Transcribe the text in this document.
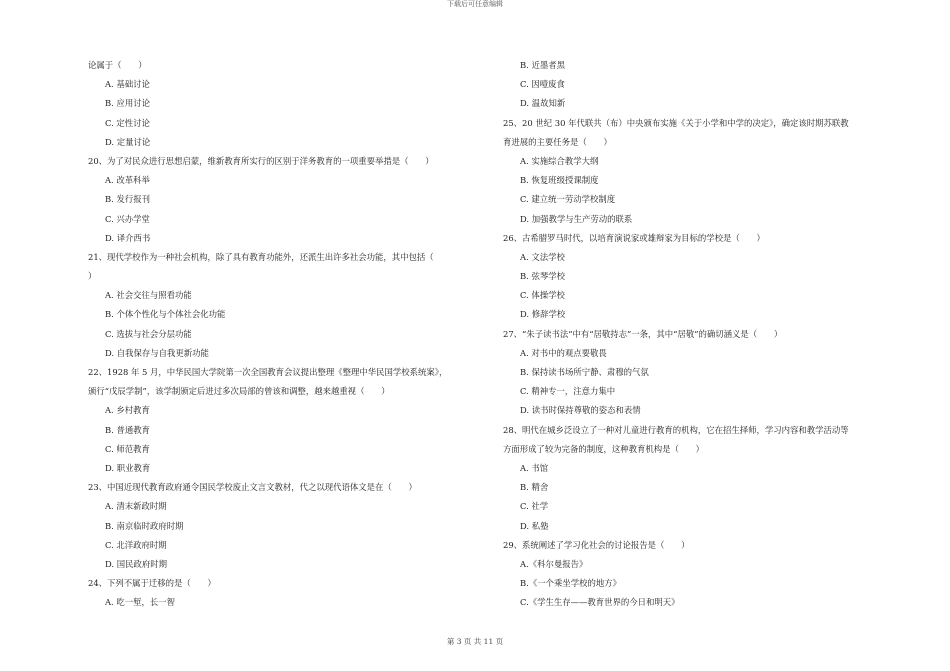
下载后可任意编辑
论属于（　　）
A. 基础讨论
B. 应用讨论
C. 定性讨论
D. 定量讨论
20、为了对民众进行思想启蒙，维新教育所实行的区别于洋务教育的一项重要举措是（　　）
A. 改革科举
B. 发行报刊
C. 兴办学堂
D. 译介西书
21、现代学校作为一种社会机构，除了具有教育功能外，还派生出许多社会功能，其中包括（
）
A. 社会交往与照看功能
B. 个体个性化与个体社会化功能
C. 选拔与社会分层功能
D. 自我保存与自我更新功能
22、1928 年 5 月，中华民国大学院第一次全国教育会议提出整理《整理中华民国学校系统案》，
颁行“戊辰学制”，该学制颁定后进过多次局部的曾该和调整，越来越重视（　　）
A. 乡村教育
B. 普通教育
C. 师范教育
D. 职业教育
23、中国近现代教育政府通令国民学校废止文言文教材，代之以现代语体文是在（　　）
A. 清末新政时期
B. 南京临时政府时期
C. 北洋政府时期
D. 国民政府时期
24、下列不属于迁移的是（　　）
A. 吃一堑，长一智
B. 近墨者黑
C. 因噎废食
D. 温故知新
25、20 世纪 30 年代联共（布）中央颁布实施《关于小学和中学的决定》，确定该时期苏联教
育进展的主要任务是（　　）
A. 实施综合教学大纲
B. 恢复班级授课制度
C. 建立统一劳动学校制度
D. 加强教学与生产劳动的联系
26、古希腊罗马时代，以培育演说家或雄辩家为目标的学校是（　　）
A. 文法学校
B. 弦琴学校
C. 体操学校
D. 修辞学校
27、“朱子读书法”中有“居敬持志”一条，其中“居敬”的确切涵义是（　　）
A. 对书中的观点要敬畏
B. 保持读书场所宁静、肃穆的气氛
C. 精神专一，注意力集中
D. 读书时保持尊敬的姿态和表情
28、明代在城乡泛设立了一种对儿童进行教育的机构，它在招生择师，学习内容和教学活动等
方面形成了较为完备的制度，这种教育机构是（　　）
A. 书馆
B. 精舍
C. 社学
D. 私塾
29、系统阐述了学习化社会的讨论报告是（　　）
A.《科尔曼报告》
B.《一个乘坐学校的地方》
C.《学生生存——教育世界的今日和明天》
第 3 页 共 11 页
